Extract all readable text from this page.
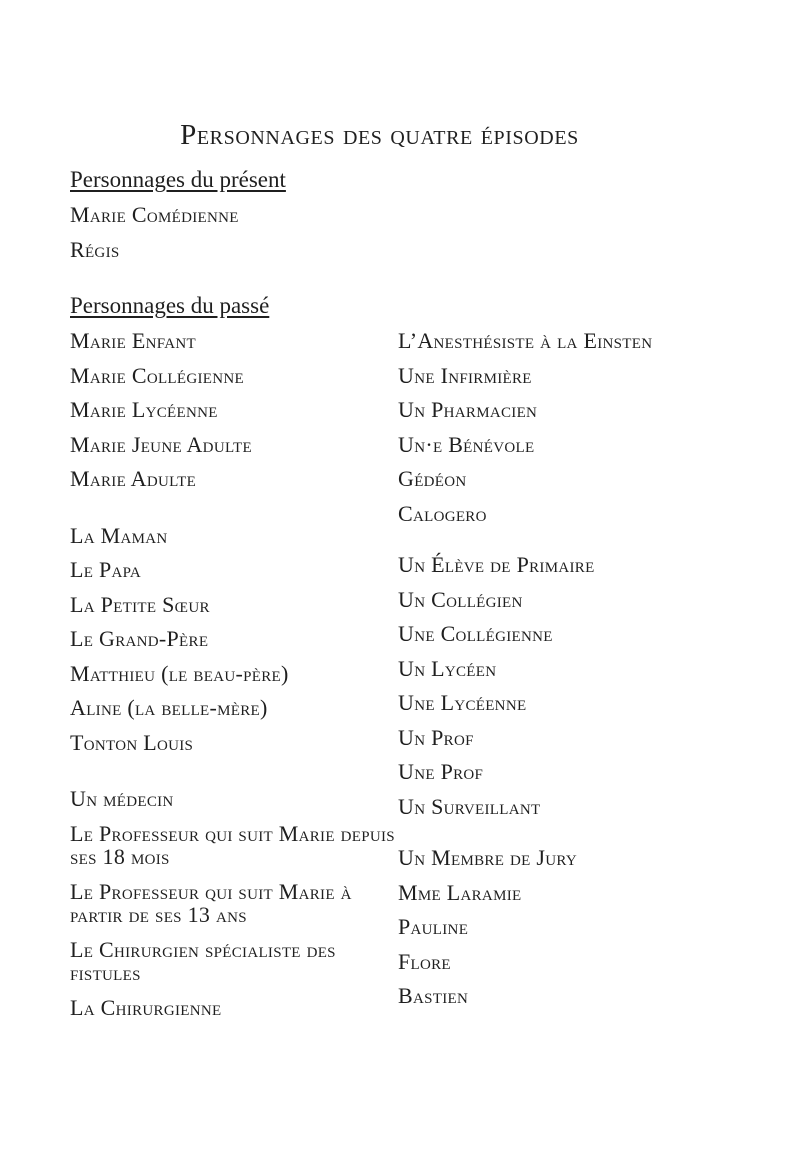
Personnages des quatre épisodes
Personnages du présent
Marie Comédienne
Régis
Personnages du passé
Marie Enfant
Marie Collégienne
Marie Lycéenne
Marie Jeune Adulte
Marie Adulte
La Maman
Le Papa
La Petite Sœur
Le Grand-Père
Matthieu (le beau-père)
Aline (la belle-mère)
Tonton Louis
Un médecin
Le Professeur qui suit Marie depuis ses 18 mois
Le Professeur qui suit Marie à partir de ses 13 ans
Le Chirurgien spécialiste des fistules
La Chirurgienne
L’Anesthésiste à la Einsten
Une Infirmière
Un Pharmacien
Un·e Bénévole
Gédéon
Calogero
Un Élève de Primaire
Un Collégien
Une Collégienne
Un Lycéen
Une Lycéenne
Un Prof
Une Prof
Un Surveillant
Un Membre de Jury
Mme Laramie
Pauline
Flore
Bastien
